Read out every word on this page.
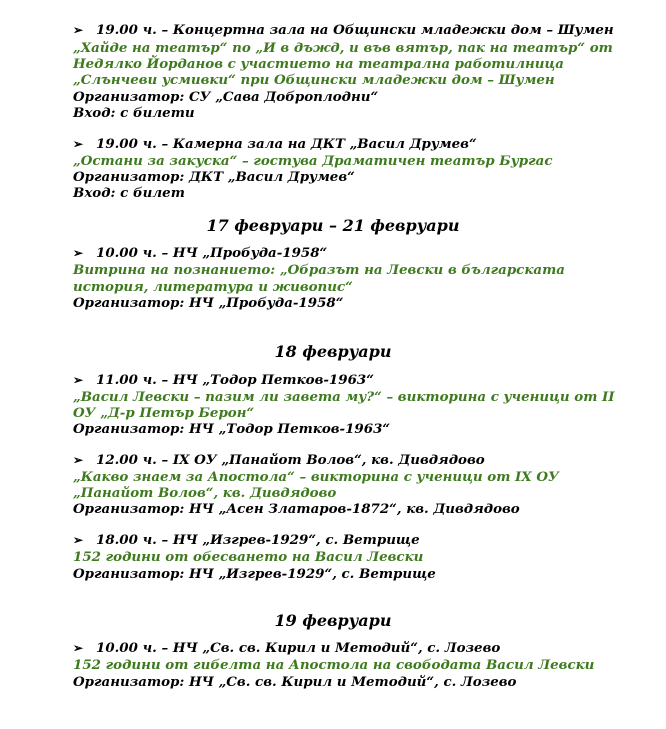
➢ 19.00 ч. – Концертна зала на Общински младежки дом – Шумен
„Хайде на театър“ по „И в дъжд, и във вятър, пак на театър“ от
Недялко Йорданов с участието на театрална работилница
„Слънчеви усмивки“ при Общински младежки дом – Шумен
Организатор: СУ „Сава Доброплодни“
Вход: с билети
➢ 19.00 ч. – Камерна зала на ДКТ „Васил Друмев“
„Остани за закуска“ – гостува Драматичен театър Бургас
Организатор: ДКТ „Васил Друмев“
Вход: с билет
17 февруари – 21 февруари
➢ 10.00 ч. – НЧ „Пробуда-1958“
Витрина на познанието: „Образът на Левски в българската
история, литература и живопис“
Организатор: НЧ „Пробуда-1958“
18 февруари
➢ 11.00 ч. – НЧ „Тодор Петков-1963“
„Васил Левски – пазим ли завета му?“ – викторина с ученици от II
ОУ „Д-р Петър Берон“
Организатор: НЧ „Тодор Петков-1963“
➢ 12.00 ч. – IX ОУ „Панайот Волов“, кв. Дивдядово
„Какво знаем за Апостола“ – викторина с ученици от IX ОУ
„Панайот Волов“, кв. Дивдядово
Организатор: НЧ „Асен Златаров-1872“, кв. Дивдядово
➢ 18.00 ч. – НЧ „Изгрев-1929“, с. Ветрище
152 години от обесването на Васил Левски
Организатор: НЧ „Изгрев-1929“, с. Ветрище
19 февруари
➢ 10.00 ч. – НЧ „Св. св. Кирил и Методий“, с. Лозево
152 години от гибелта на Апостола на свободата Васил Левски
Организатор: НЧ „Св. св. Кирил и Методий“, с. Лозево
